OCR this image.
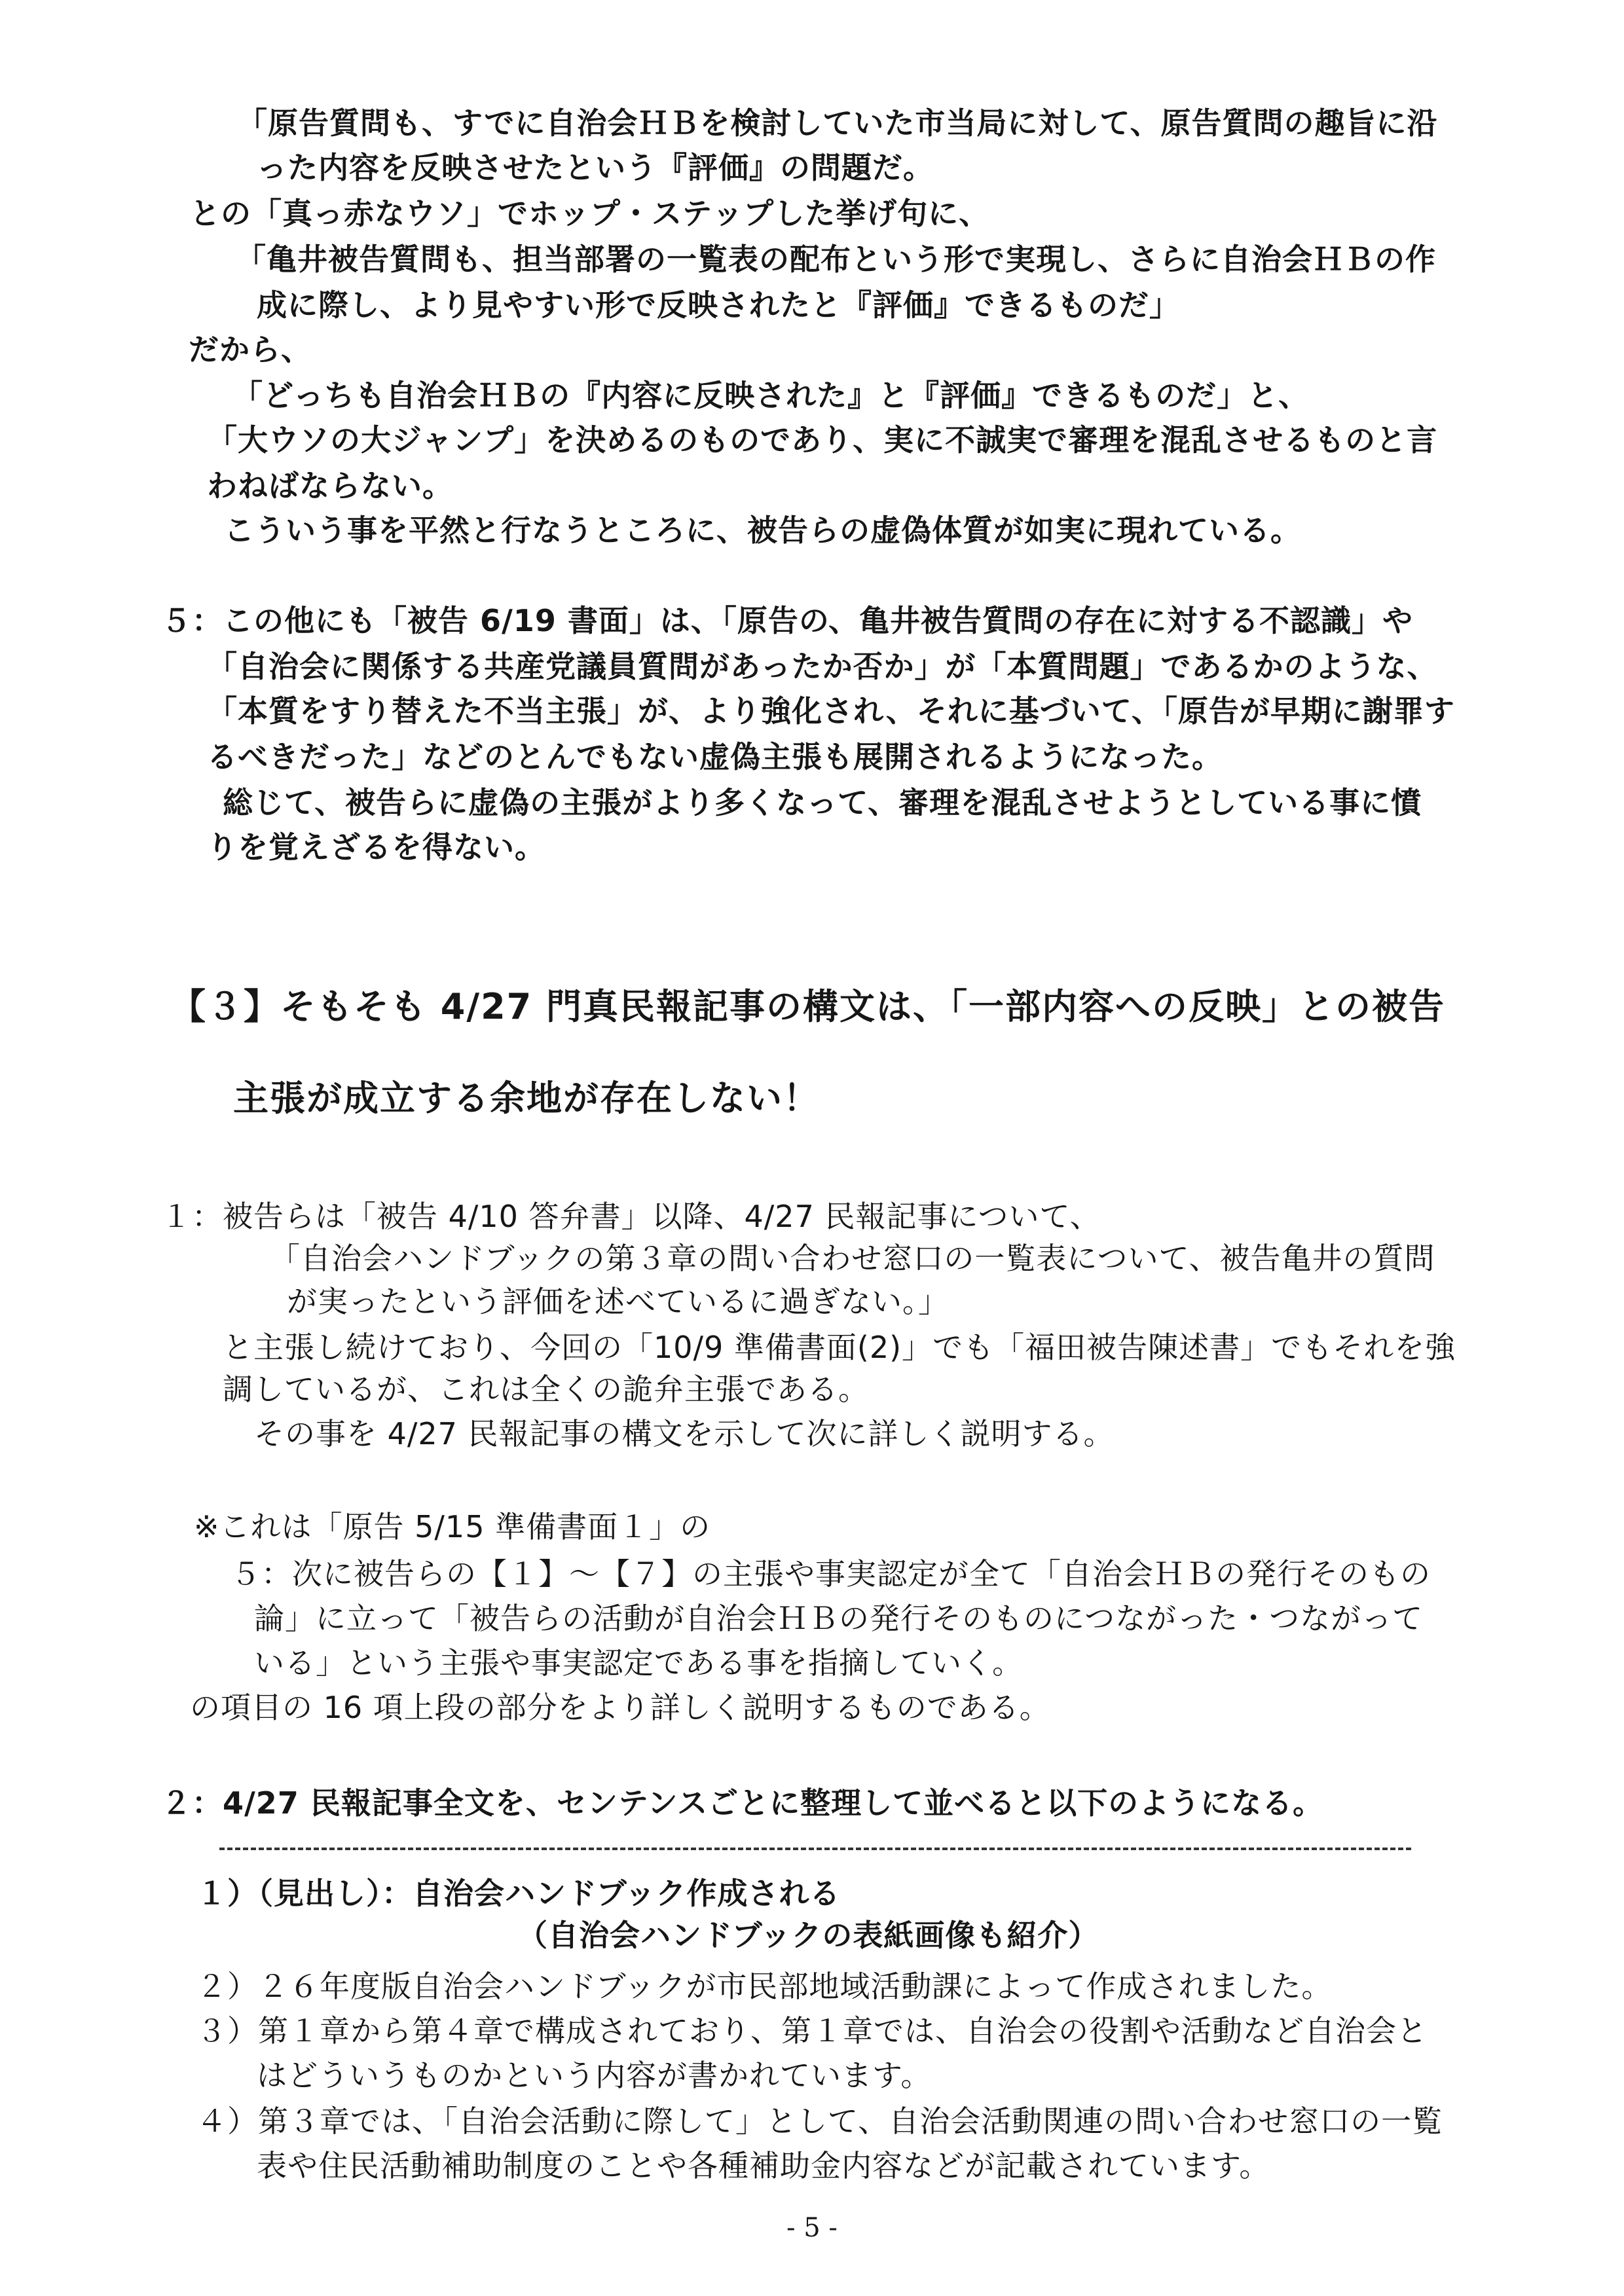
「原告質問も、すでに自治会ＨＢを検討していた市当局に対して、原告質問の趣旨に沿
った内容を反映させたという『評価』の問題だ。
との「真っ赤なウソ」でホップ・ステップした挙げ句に、
「亀井被告質問も、担当部署の一覧表の配布という形で実現し、さらに自治会ＨＢの作
成に際し、より見やすい形で反映されたと『評価』できるものだ」
だから、
「どっちも自治会ＨＢの『内容に反映された』と『評価』できるものだ」と、
「大ウソの大ジャンプ」を決めるのものであり、実に不誠実で審理を混乱させるものと言
わねばならない。
こういう事を平然と行なうところに、被告らの虚偽体質が如実に現れている。
５：この他にも「被告 6/19 書面」は、「原告の、亀井被告質問の存在に対する不認識」や
「自治会に関係する共産党議員質問があったか否か」が「本質問題」であるかのような、
「本質をすり替えた不当主張」が、より強化され、それに基づいて、「原告が早期に謝罪す
るべきだった」などのとんでもない虚偽主張も展開されるようになった。
総じて、被告らに虚偽の主張がより多くなって、審理を混乱させようとしている事に憤
りを覚えざるを得ない。
【３】そもそも 4/27 門真民報記事の構文は、「一部内容への反映」との被告
主張が成立する余地が存在しない！
１：被告らは「被告 4/10 答弁書」以降、4/27 民報記事について、
「自治会ハンドブックの第３章の問い合わせ窓口の一覧表について、被告亀井の質問
が実ったという評価を述べているに過ぎない。」
と主張し続けており、今回の「10/9 準備書面(2)」でも「福田被告陳述書」でもそれを強
調しているが、これは全くの詭弁主張である。
その事を 4/27 民報記事の構文を示して次に詳しく説明する。
※これは「原告 5/15 準備書面１」の
５：次に被告らの【１】～【７】の主張や事実認定が全て「自治会ＨＢの発行そのもの
論」に立って「被告らの活動が自治会ＨＢの発行そのものにつながった・つながって
いる」という主張や事実認定である事を指摘していく。
の項目の 16 項上段の部分をより詳しく説明するものである。
２：4/27 民報記事全文を、センテンスごとに整理して並べると以下のようになる。
１）（見出し）：自治会ハンドブック作成される
（自治会ハンドブックの表紙画像も紹介）
２）２６年度版自治会ハンドブックが市民部地域活動課によって作成されました。
３）第１章から第４章で構成されており、第１章では、自治会の役割や活動など自治会と
はどういうものかという内容が書かれています。
４）第３章では、「自治会活動に際して」として、自治会活動関連の問い合わせ窓口の一覧
表や住民活動補助制度のことや各種補助金内容などが記載されています。
- 5 -
